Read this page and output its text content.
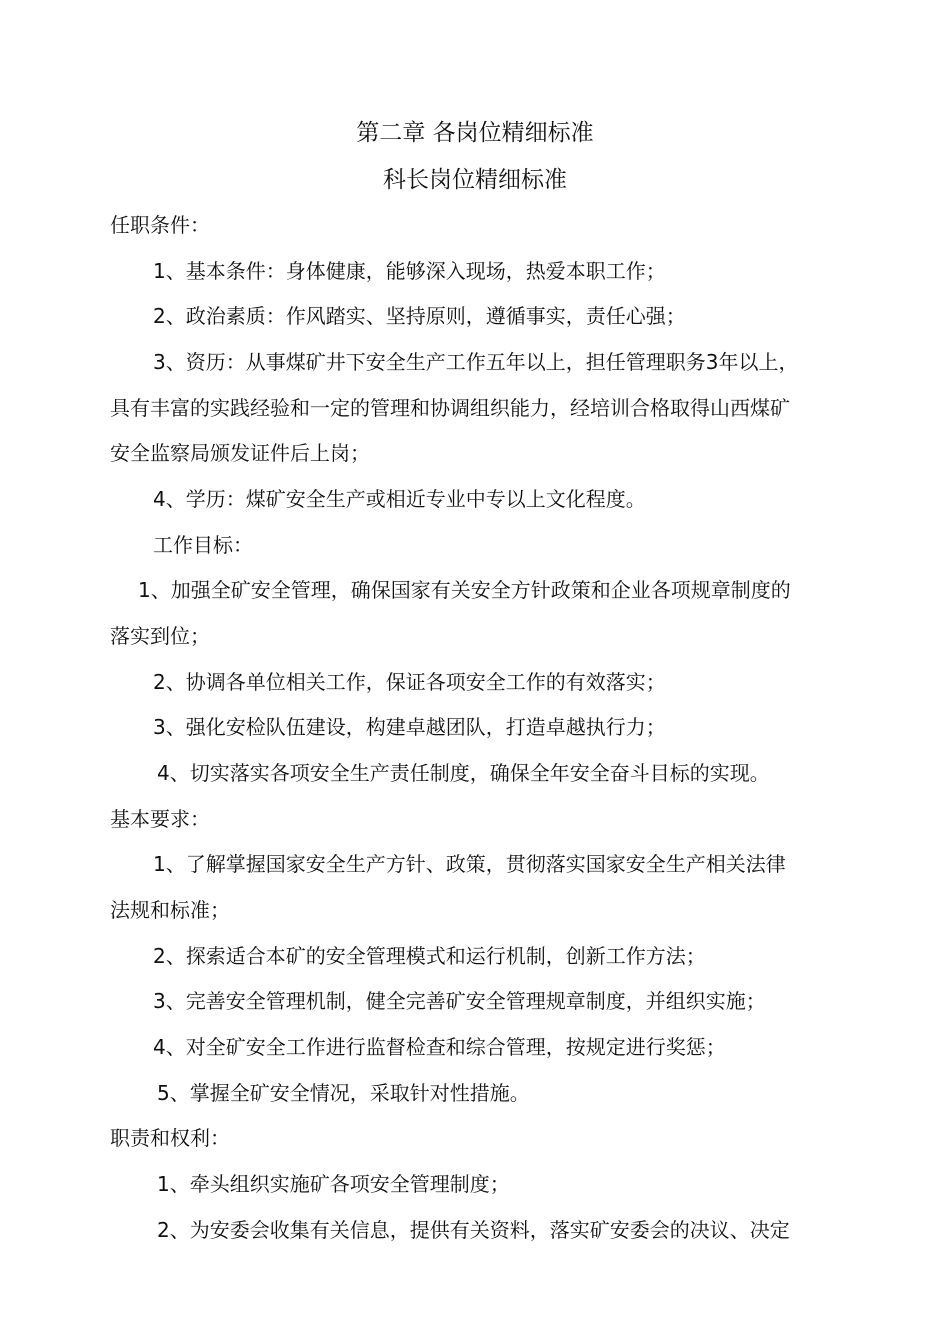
第二章 各岗位精细标准
科长岗位精细标准
任职条件：
1、基本条件：身体健康，能够深入现场，热爱本职工作；
2、政治素质：作风踏实、坚持原则，遵循事实，责任心强；
3、资历：从事煤矿井下安全生产工作五年以上，担任管理职务3年以上，
具有丰富的实践经验和一定的管理和协调组织能力，经培训合格取得山西煤矿
安全监察局颁发证件后上岗；
4、学历：煤矿安全生产或相近专业中专以上文化程度。
工作目标：
1、加强全矿安全管理，确保国家有关安全方针政策和企业各项规章制度的
落实到位；
2、协调各单位相关工作，保证各项安全工作的有效落实；
3、强化安检队伍建设，构建卓越团队，打造卓越执行力；
4、切实落实各项安全生产责任制度，确保全年安全奋斗目标的实现。
基本要求：
1、了解掌握国家安全生产方针、政策，贯彻落实国家安全生产相关法律
法规和标准；
2、探索适合本矿的安全管理模式和运行机制，创新工作方法；
3、完善安全管理机制，健全完善矿安全管理规章制度，并组织实施；
4、对全矿安全工作进行监督检查和综合管理，按规定进行奖惩；
5、掌握全矿安全情况，采取针对性措施。
职责和权利：
1、牵头组织实施矿各项安全管理制度；
2、为安委会收集有关信息，提供有关资料，落实矿安委会的决议、决定
